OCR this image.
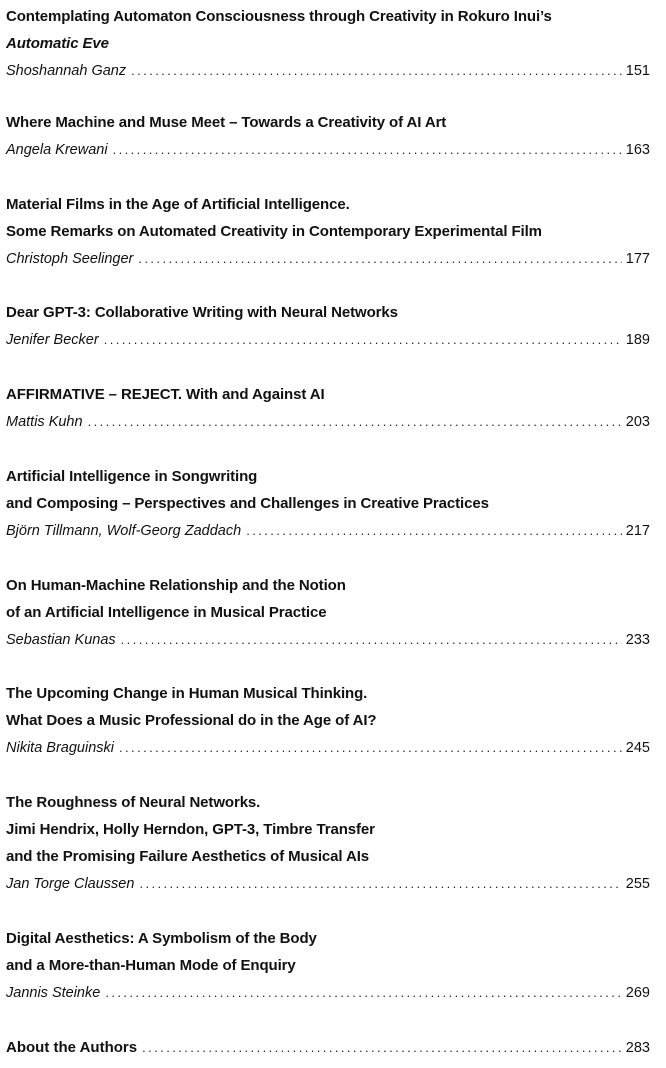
Contemplating Automaton Consciousness through Creativity in Rokuro Inui’s
Automatic Eve
Shoshannah Ganz . . .	151
Where Machine and Muse Meet – Towards a Creativity of AI Art
Angela Krewani . . .	163
Material Films in the Age of Artificial Intelligence.
Some Remarks on Automated Creativity in Contemporary Experimental Film
Christoph Seelinger . . .	177
Dear GPT-3: Collaborative Writing with Neural Networks
Jenifer Becker . . .	189
AFFIRMATIVE – REJECT. With and Against AI
Mattis Kuhn . . .	203
Artificial Intelligence in Songwriting
and Composing – Perspectives and Challenges in Creative Practices
Björn Tillmann, Wolf-Georg Zaddach . . .	217
On Human-Machine Relationship and the Notion
of an Artificial Intelligence in Musical Practice
Sebastian Kunas . . .	233
The Upcoming Change in Human Musical Thinking.
What Does a Music Professional do in the Age of AI?
Nikita Braguinski . . .	245
The Roughness of Neural Networks.
Jimi Hendrix, Holly Herndon, GPT-3, Timbre Transfer
and the Promising Failure Aesthetics of Musical AIs
Jan Torge Claussen . . .	255
Digital Aesthetics: A Symbolism of the Body
and a More-than-Human Mode of Enquiry
Jannis Steinke . . .	269
About the Authors . . .	283
